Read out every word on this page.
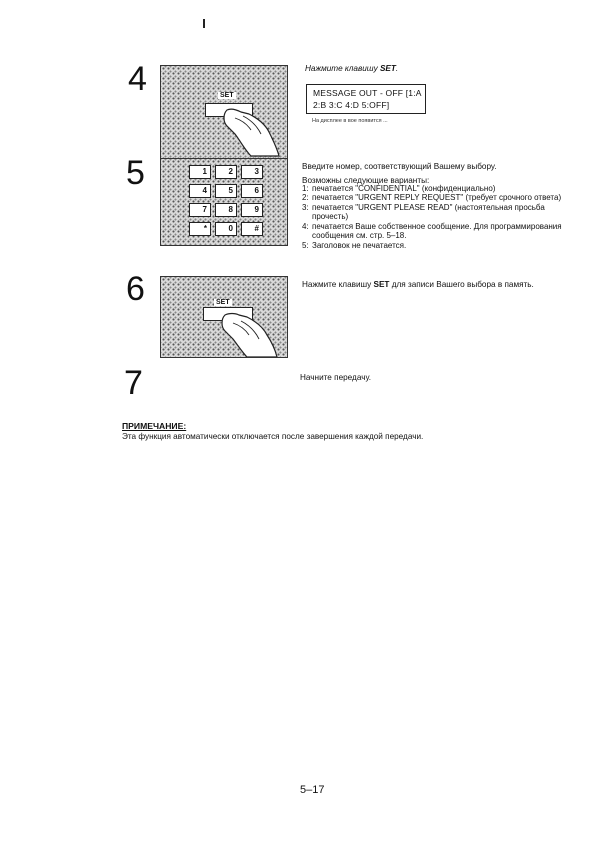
4	SET
Нажмите клавишу SET.
MESSAGE OUT - OFF [1:A
2:B 3:C 4:D 5:OFF]
На дисплее в вое появится ...
5	1	2	3
4	5	6
7	8	9
*	0	#
Введите номер, соответствующий Вашему выбору.
Возможны следующие варианты:
1: печатается "CONFIDENTIAL" (конфиденциально)
2: печатается "URGENT REPLY REQUEST" (требует срочного ответа)
3: печатается "URGENT PLEASE READ" (настоятельная просьба прочесть)
4: печатается Ваше собственное сообщение. Для программирования сообщения см. стр. 5–18.
5: Заголовок не печатается.
6	SET
Нажмите клавишу SET для записи Вашего выбора в память.
7	Начните передачу.
ПРИМЕЧАНИЕ:
Эта функция автоматически отключается после завершения каждой передачи.
5–17
